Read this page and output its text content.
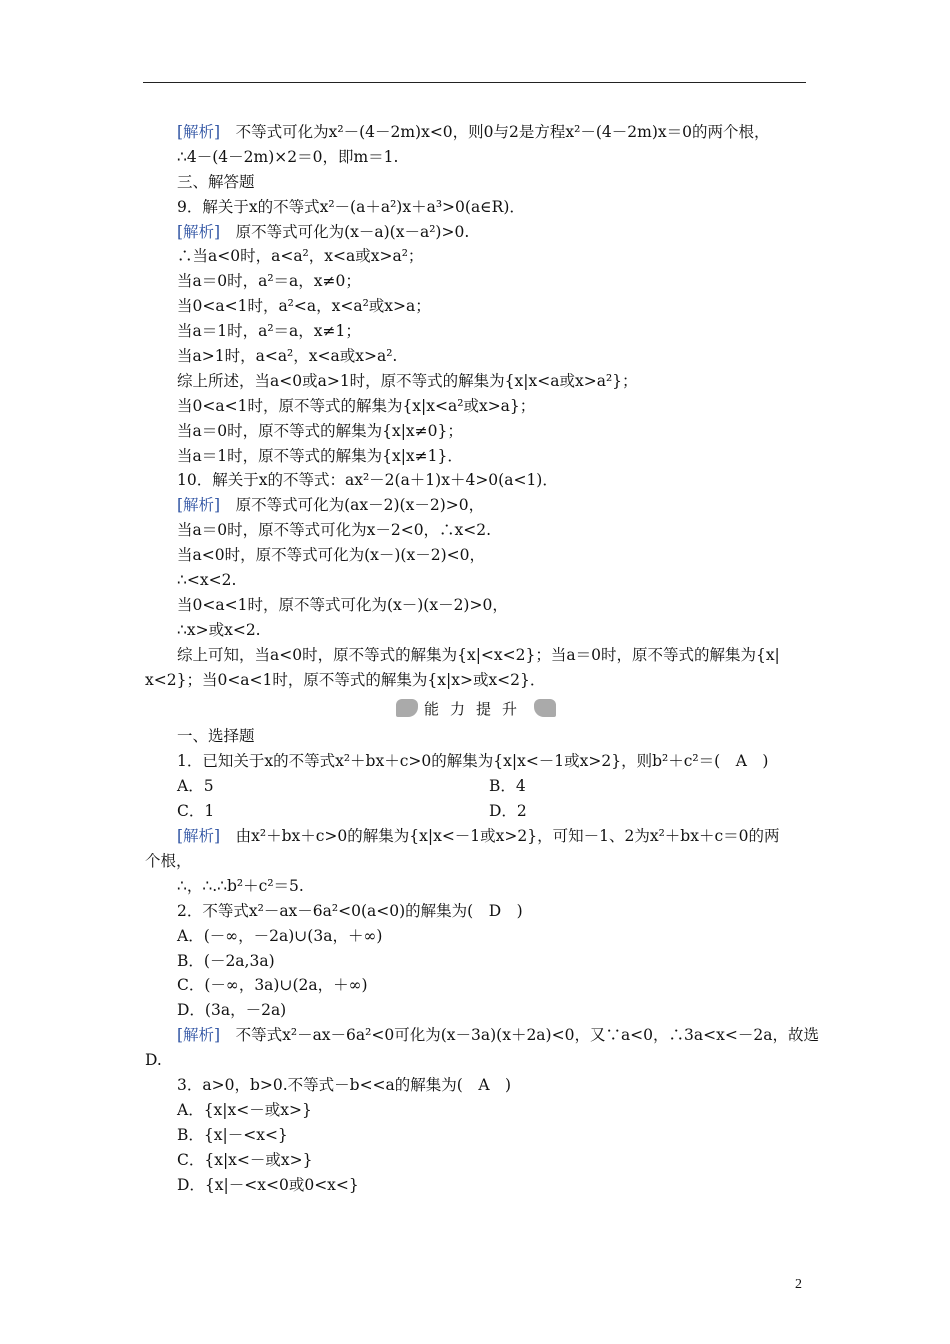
[解析]　不等式可化为x²－(4－2m)x<0，则0与2是方程x²－(4－2m)x＝0的两个根，
∴4－(4－2m)×2＝0，即m＝1.
三、解答题
9．解关于x的不等式x²－(a＋a²)x＋a³>0(a∈R)．
[解析]　原不等式可化为(x－a)(x－a²)>0.
∴当a<0时，a<a²，x<a或x>a²；
当a＝0时，a²＝a，x≠0；
当0<a<1时，a²<a，x<a²或x>a；
当a＝1时，a²＝a，x≠1；
当a>1时，a<a²，x<a或x>a².
综上所述，当a<0或a>1时，原不等式的解集为{x|x<a或x>a²}；
当0<a<1时，原不等式的解集为{x|x<a²或x>a}；
当a＝0时，原不等式的解集为{x|x≠0}；
当a＝1时，原不等式的解集为{x|x≠1}．
10．解关于x的不等式：ax²－2(a＋1)x＋4>0(a<1)．
[解析]　原不等式可化为(ax－2)(x－2)>0，
当a＝0时，原不等式可化为x－2<0，∴x<2.
当a<0时，原不等式可化为(x－)(x－2)<0，
∴<x<2.
当0<a<1时，原不等式可化为(x－)(x－2)>0，
∴x>或x<2.
综上可知，当a<0时，原不等式的解集为{x|<x<2}；当a＝0时，原不等式的解集为{x|
x<2}；当0<a<1时，原不等式的解集为{x|x>或x<2}．
能力提升
一、选择题
1．已知关于x的不等式x²＋bx＋c>0的解集为{x|x<－1或x>2}，则b²＋c²＝(　A　)
A．5	B．4
C．1	D．2
[解析]　由x²＋bx＋c>0的解集为{x|x<－1或x>2}，可知－1、2为x²＋bx＋c＝0的两
个根，
∴，∴.∴b²＋c²＝5.
2．不等式x²－ax－6a²<0(a<0)的解集为(　D　)
A．(－∞，－2a)∪(3a，＋∞)
B．(－2a,3a)
C．(－∞，3a)∪(2a，＋∞)
D．(3a，－2a)
[解析]　不等式x²－ax－6a²<0可化为(x－3a)(x＋2a)<0，又∵a<0，∴3a<x<－2a，故选
D.
3．a>0，b>0.不等式－b<<a的解集为(　A　)
A．{x|x<－或x>}
B．{x|－<x<}
C．{x|x<－或x>}
D．{x|－<x<0或0<x<}
2
